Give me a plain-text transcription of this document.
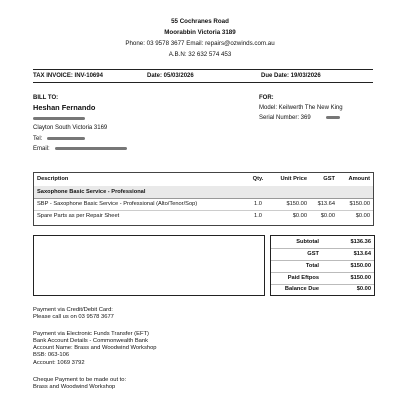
55 Cochranes Road
Moorabbin Victoria 3189
Phone: 03 9578 3677 Email: repairs@ozwinds.com.au
A.B.N: 32 632 574 453
TAX INVOICE: INV-10694	Date: 05/03/2026	Due Date: 19/03/2026
BILL TO:
Heshan Fernando
Clayton South Victoria 3169
Tel:
Email:
FOR:
Model: Keilwerth The New King
Serial Number: 369
Description	Qty.	Unit Price	GST	Amount
Saxophone Basic Service - Professional
SBP - Saxophone Basic Service - Professional (Alto/Tenor/Sop)	1.0	$150.00	$13.64	$150.00
Spare Parts as per Repair Sheet	1.0	$0.00	$0.00	$0.00
Subtotal	$136.36
GST	$13.64
Total	$150.00
Paid Eftpos	$150.00
Balance Due	$0.00
Payment via Credit/Debit Card:
Please call us on 03 9578 3677
Payment via Electronic Funds Transfer (EFT)
Bank Account Details - Commonwealth Bank
Account Name: Brass and Woodwind Workshop
BSB: 063-106
Account: 1069 3792
Cheque Payment to be made out to:
Brass and Woodwind Workshop
